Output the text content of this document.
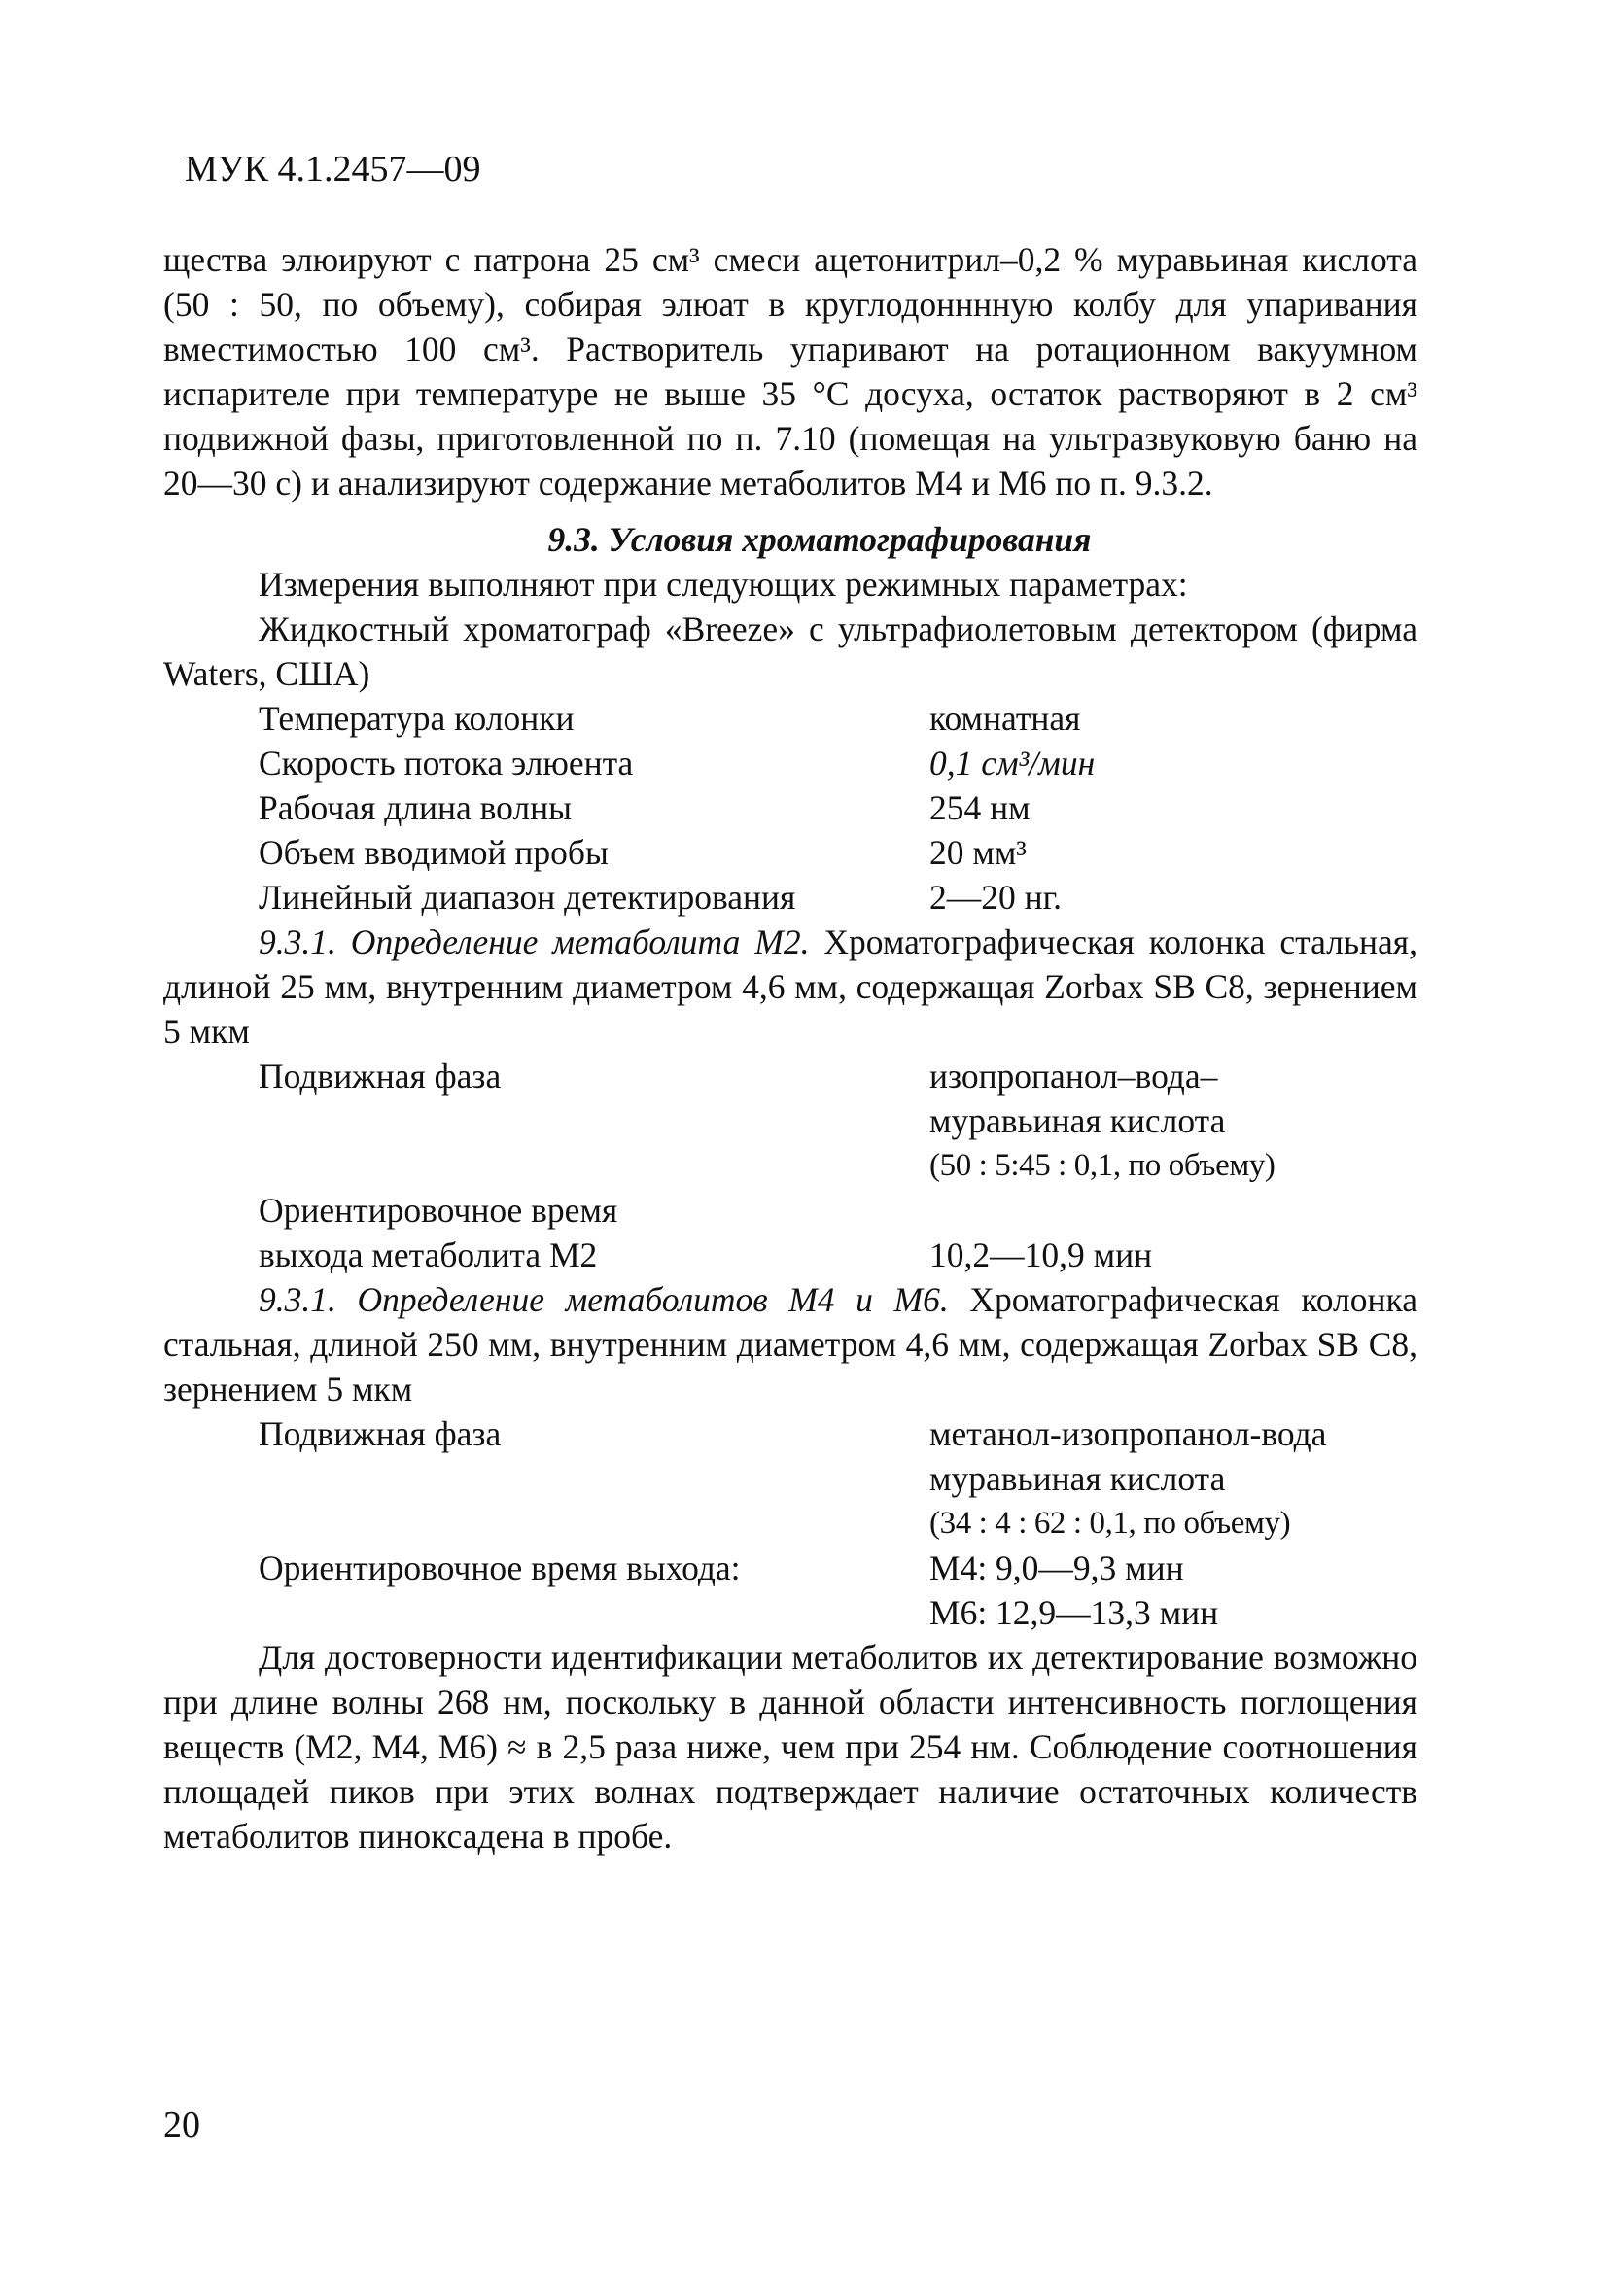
МУК 4.1.2457—09

щества элюируют с патрона 25 см³ смеси ацетонитрил–0,2 % муравьиная кислота (50 : 50, по объему), собирая элюат в круглодонннную колбу для упаривания вместимостью 100 см³. Растворитель упаривают на ротационном вакуумном испарителе при температуре не выше 35 °С досуха, остаток растворяют в 2 см³ подвижной фазы, приготовленной по п. 7.10 (помещая на ультразвуковую баню на 20—30 с) и анализируют содержание метаболитов М4 и М6 по п. 9.3.2.

9.3. Условия хроматографирования

Измерения выполняют при следующих режимных параметрах:

Жидкостный хроматограф «Breeze» с ультрафиолетовым детектором (фирма Waters, США)

Температура колонки	комнатная
Скорость потока элюента	0,1 см³/мин
Рабочая длина волны	254 нм
Объем вводимой пробы	20 мм³
Линейный диапазон детектирования	2—20 нг.

9.3.1. Определение метаболита М2. Хроматографическая колонка стальная, длиной 25 мм, внутренним диаметром 4,6 мм, содержащая Zorbax SB C8, зернением 5 мкм

Подвижная фаза	изопропанол–вода–
муравьиная кислота
(50 : 5:45 : 0,1, по объему)
Ориентировочное время
выхода метаболита М2	10,2—10,9 мин

9.3.1. Определение метаболитов М4 и М6. Хроматографическая колонка стальная, длиной 250 мм, внутренним диаметром 4,6 мм, содержащая Zorbax SB C8, зернением 5 мкм

Подвижная фаза	метанол-изопропанол-вода
муравьиная кислота
(34 : 4 : 62 : 0,1, по объему)
Ориентировочное время выхода:	М4: 9,0—9,3 мин
М6: 12,9—13,3 мин

Для достоверности идентификации метаболитов их детектирование возможно при длине волны 268 нм, поскольку в данной области интенсивность поглощения веществ (М2, М4, М6) ≈ в 2,5 раза ниже, чем при 254 нм. Соблюдение соотношения площадей пиков при этих волнах подтверждает наличие остаточных количеств метаболитов пиноксадена в пробе.

20
